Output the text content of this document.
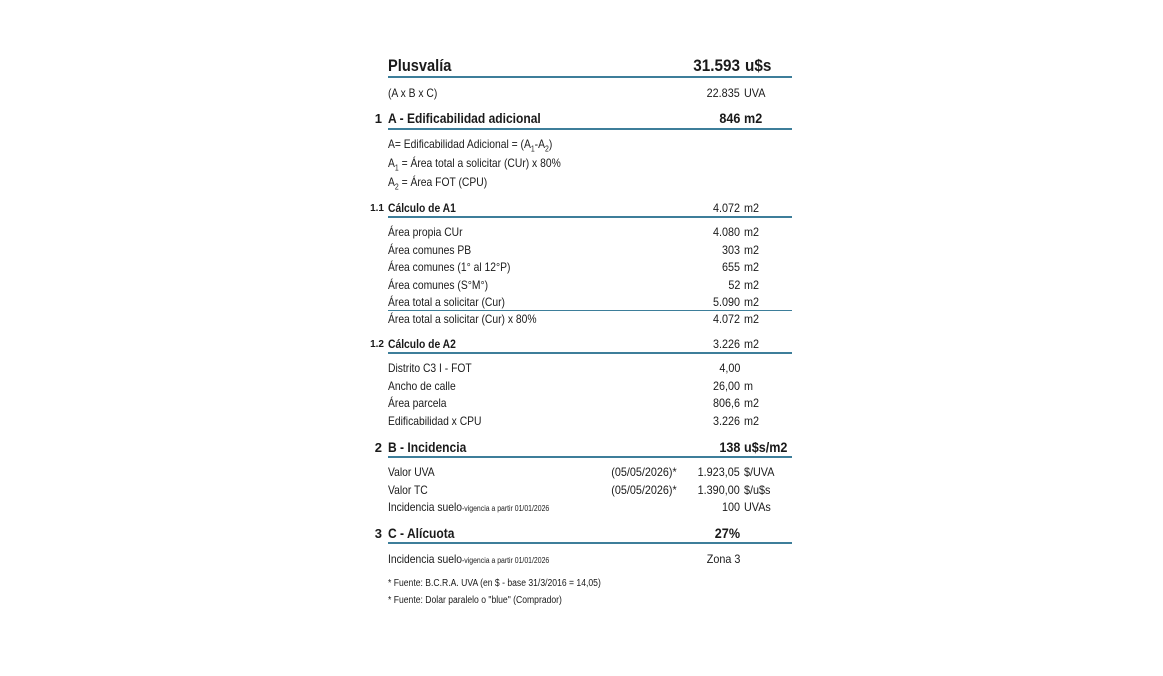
Plusvalía	31.593 u$s
(A x B x C)	22.835 UVA
1 A - Edificabilidad adicional	846 m2
A= Edificabilidad Adicional = $(A_1-A_2)$
$A_1$ = Área total a solicitar (CUr) x 80%
$A_2$ = Área FOT (CPU)
1.1 Cálculo de A1	4.072 m2
Área propia CUr	4.080 m2
Área comunes PB	303 m2
Área comunes (1° al 12°P)	655 m2
Área comunes (S°M°)	52 m2
Área total a solicitar (Cur)	5.090 m2
Área total a solicitar (Cur) x 80%	4.072 m2
1.2 Cálculo de A2	3.226 m2
Distrito C3 I - FOT	4,00
Ancho de calle	26,00 m
Área parcela	806,6 m2
Edificabilidad x CPU	3.226 m2
2 B - Incidencia	138 u$s/m2
Valor UVA	(05/05/2026)* 1.923,05 $/UVA
Valor TC	(05/05/2026)* 1.390,00 $/u$s
Incidencia suelo-vigencia a partir 01/01/2026	100 UVAs
3 C - Alícuota	27%
Incidencia suelo-vigencia a partir 01/01/2026	Zona 3
* Fuente: B.C.R.A. UVA (en $ - base 31/3/2016 = 14,05)
* Fuente: Dolar paralelo o "blue" (Comprador)
